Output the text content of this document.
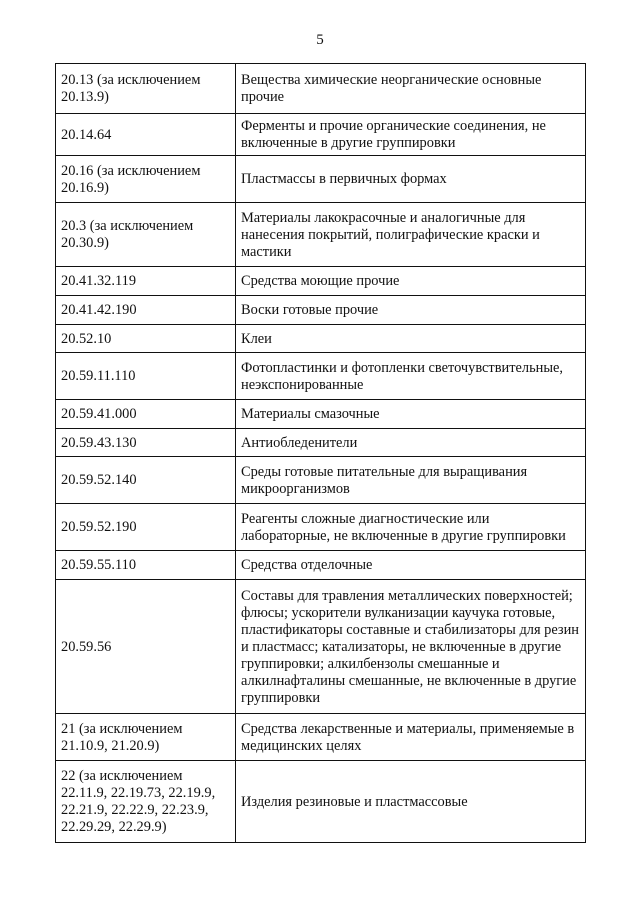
5
20.13 (за исключением 20.13.9)	Вещества химические неорганические основные прочие
20.14.64	Ферменты и прочие органические соединения, не включенные в другие группировки
20.16 (за исключением 20.16.9)	Пластмассы в первичных формах
20.3 (за исключением 20.30.9)	Материалы лакокрасочные и аналогичные для нанесения покрытий, полиграфические краски и мастики
20.41.32.119	Средства моющие прочие
20.41.42.190	Воски готовые прочие
20.52.10	Клеи
20.59.11.110	Фотопластинки и фотопленки светочувствительные, неэкспонированные
20.59.41.000	Материалы смазочные
20.59.43.130	Антиобледенители
20.59.52.140	Среды готовые питательные для выращивания микроорганизмов
20.59.52.190	Реагенты сложные диагностические или лабораторные, не включенные в другие группировки
20.59.55.110	Средства отделочные
20.59.56	Составы для травления металлических поверхностей; флюсы; ускорители вулканизации каучука готовые, пластификаторы составные и стабилизаторы для резин и пластмасс; катализаторы, не включенные в другие группировки; алкилбензолы смешанные и алкилнафталины смешанные, не включенные в другие группировки
21 (за исключением 21.10.9, 21.20.9)	Средства лекарственные и материалы, применяемые в медицинских целях
22 (за исключением 22.11.9, 22.19.73, 22.19.9, 22.21.9, 22.22.9, 22.23.9, 22.29.29, 22.29.9)	Изделия резиновые и пластмассовые
